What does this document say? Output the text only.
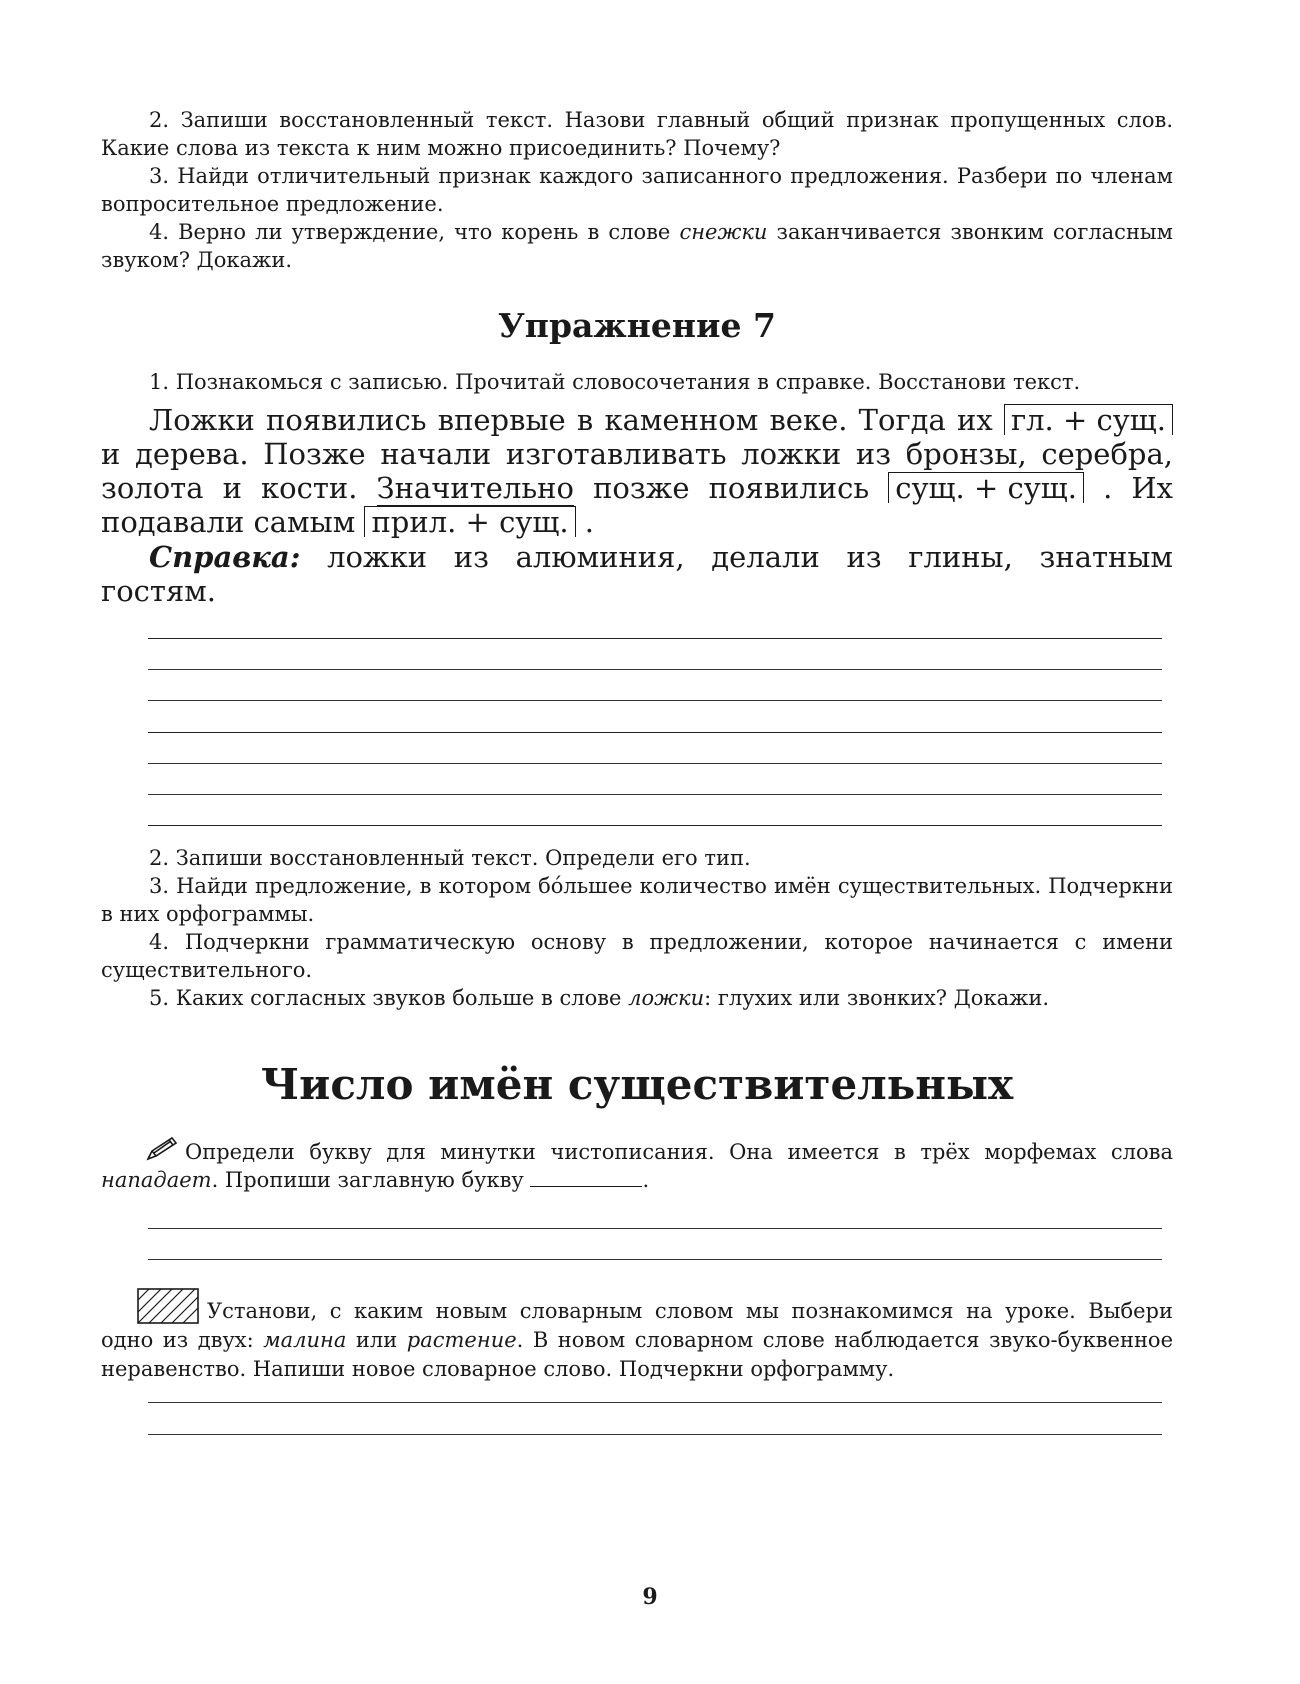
2. Запиши восстановленный текст. Назови главный общий признак пропущенных слов. Какие слова из текста к ним можно присоединить? Почему?

3. Найди отличительный признак каждого записанного предложения. Разбери по членам вопросительное предложение.

4. Верно ли утверждение, что корень в слове снежки заканчивается звонким согласным звуком? Докажи.

Упражнение 7

1. Познакомься с записью. Прочитай словосочетания в справке. Восстанови текст.

Ложки появились впервые в каменном веке. Тогда их гл. + сущ. и дерева. Позже начали изготавливать ложки из бронзы, серебра, золота и кости. Значительно позже появились сущ. + сущ. . Их подавали самым прил. + сущ. .

Справка: ложки из алюминия, делали из глины, знатным гостям.

2. Запиши восстановленный текст. Определи его тип.

3. Найди предложение, в котором бо́льшее количество имён существительных. Подчеркни в них орфограммы.

4. Подчеркни грамматическую основу в предложении, которое начинается с имени существительного.

5. Каких согласных звуков больше в слове ложки: глухих или звонких? Докажи.

Число имён существительных

Определи букву для минутки чистописания. Она имеется в трёх морфемах слова нападает. Пропиши заглавную букву	.

Установи, с каким новым словарным словом мы познакомимся на уроке. Выбери одно из двух: малина или растение. В новом словарном слове наблюдается звуко-буквенное неравенство. Напиши новое словарное слово. Подчеркни орфограмму.

9
